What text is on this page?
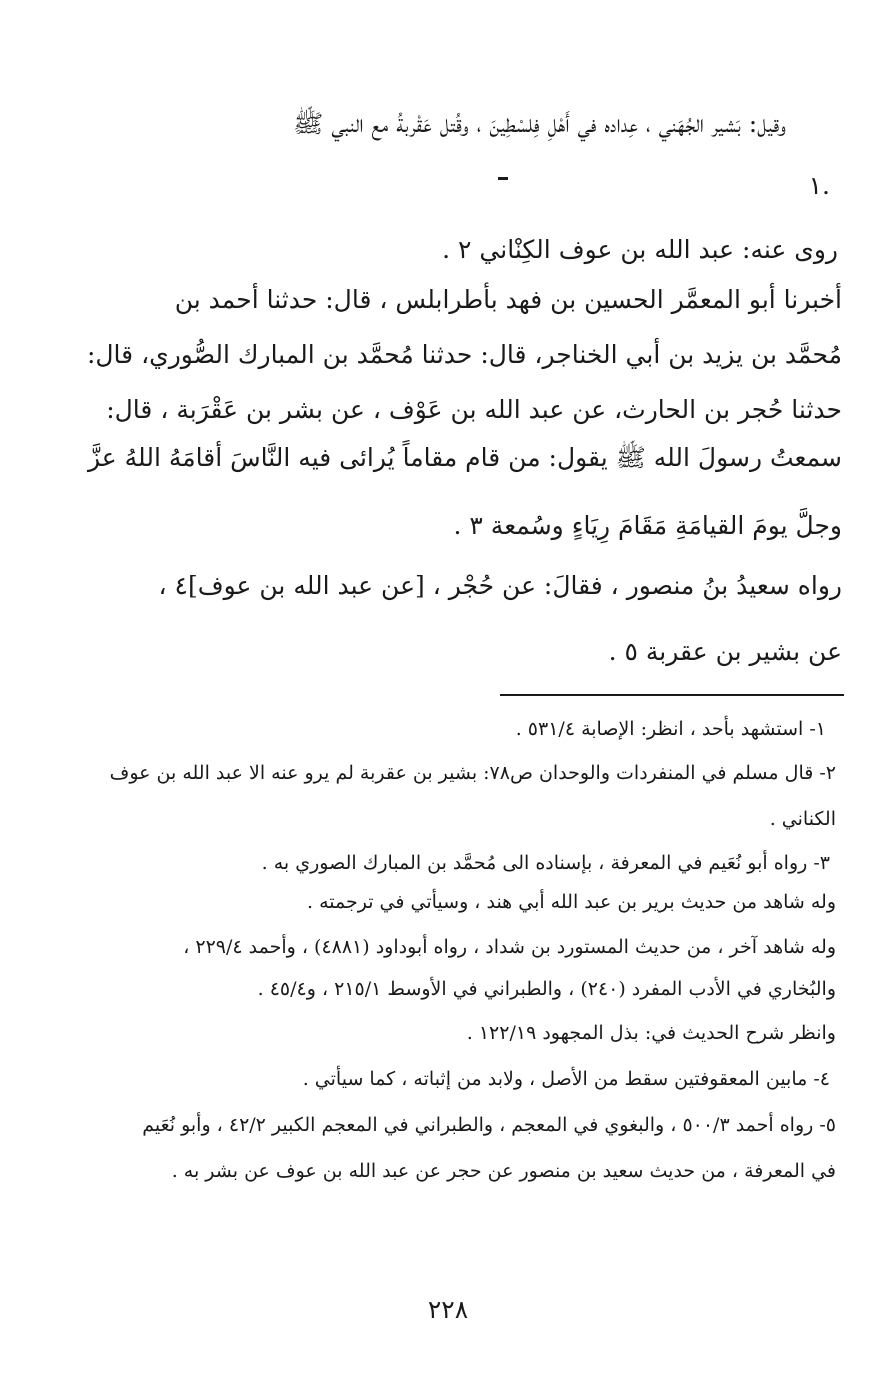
وقيل: بَشير الجُهَني ، عِداده في أَهْلِ فِلسْطِينَ ، وقُتل عَقْربةُ مع النبي ﷺ

١.

روى عنه: عبد الله بن عوف الكِنْاني ٢ .

أخبرنا أبو المعمَّر الحسين بن فهد بأطرابلس ، قال: حدثنا أحمد بن

مُحمَّد بن يزيد بن أبي الخناجر، قال: حدثنا مُحمَّد بن المبارك الصُّوري، قال:

حدثنا حُجر بن الحارث، عن عبد الله بن عَوْف ، عن بشر بن عَقْرَبة ، قال:

سمعتُ رسولَ الله ﷺ يقول: من قام مقاماً يُرائى فيه النَّاسَ أقامَهُ اللهُ عزَّ

وجلَّ يومَ القيامَةِ مَقَامَ رِيَاءٍ وسُمعة ٣ .

رواه سعيدُ بنُ منصور ، فقالَ: عن حُجْر ، [عن عبد الله بن عوف]٤ ،

عن بشير بن عقربة ٥ .

١- استشهد بأحد ، انظر: الإصابة ٥٣١/٤ .

٢- قال مسلم في المنفردات والوحدان ص٧٨: بشير بن عقربة لم يرو عنه الا عبد الله بن عوف

الكناني .

٣- رواه أبو نُعَيم في المعرفة ، بإسناده الى مُحمَّد بن المبارك الصوري به .

وله شاهد من حديث برير بن عبد الله أبي هند ، وسيأتي في ترجمته .

وله شاهد آخر ، من حديث المستورد بن شداد ، رواه أبوداود (٤٨٨١) ، وأحمد ٢٢٩/٤ ،

والبُخاري في الأدب المفرد (٢٤٠) ، والطبراني في الأوسط ٢١٥/١ ، و٤٥/٤ .

وانظر شرح الحديث في: بذل المجهود ١٢٢/١٩ .

٤- مابين المعقوفتين سقط من الأصل ، ولابد من إثباته ، كما سيأتي .

٥- رواه أحمد ٥٠٠/٣ ، والبغوي في المعجم ، والطبراني في المعجم الكبير ٤٢/٢ ، وأبو نُعَيم

في المعرفة ، من حديث سعيد بن منصور عن حجر عن عبد الله بن عوف عن بشر به .

٢٢٨
